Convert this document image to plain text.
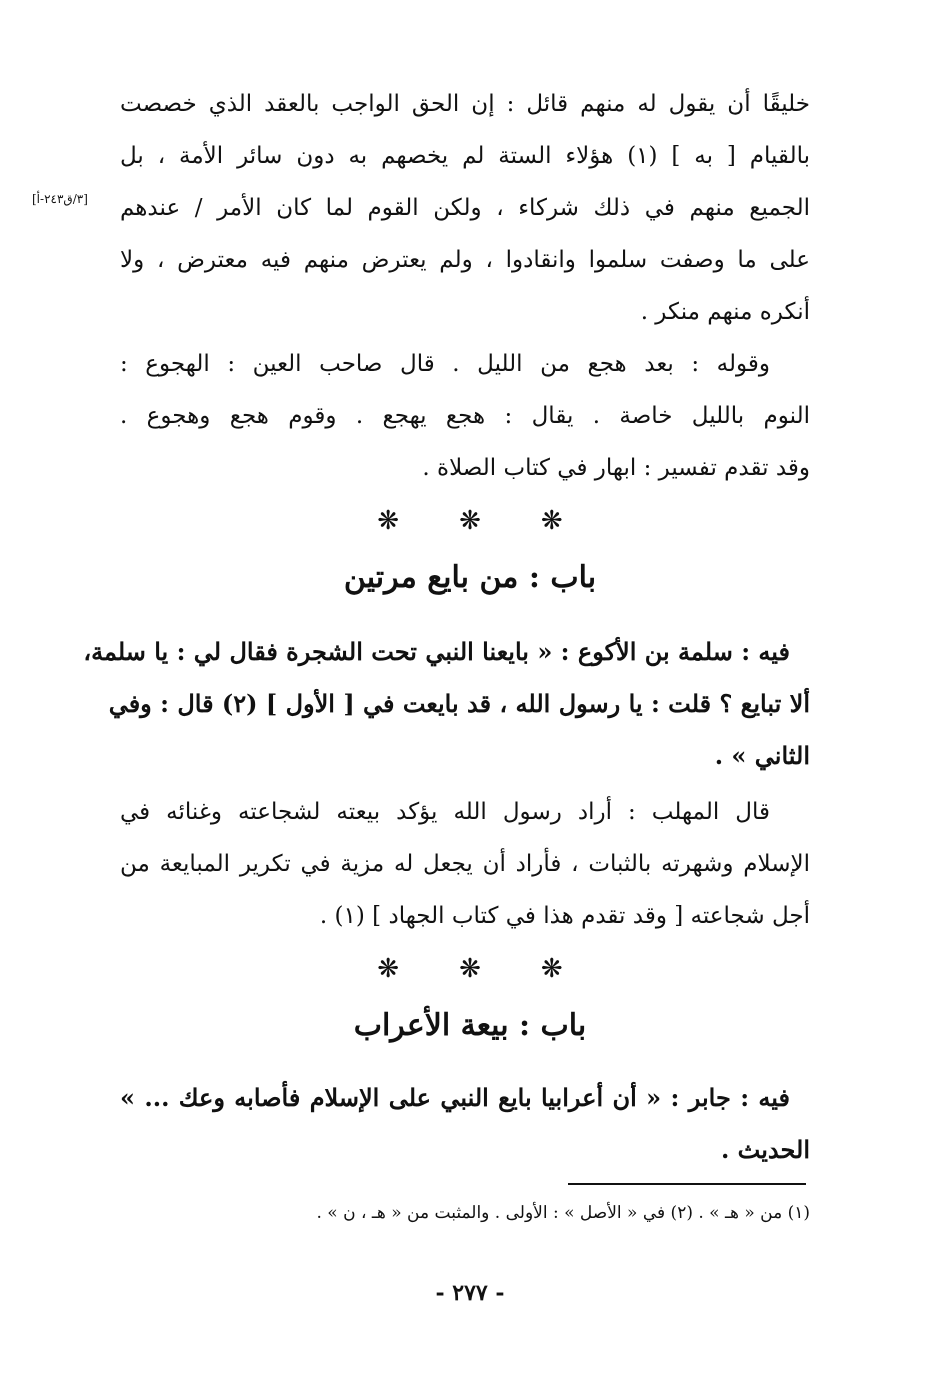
خليقًا أن يقول له منهم قائل : إن الحق الواجب بالعقد الذي خصصت
بالقيام [ به ] (١) هؤلاء الستة لم يخصهم به دون سائر الأمة ، بل
الجميع منهم في ذلك شركاء ، ولكن القوم لما كان الأمر / عندهم
على ما وصفت سلموا وانقادوا ، ولم يعترض منهم فيه معترض ، ولا
أنكره منهم منكر .
[٣/ق٢٤٣-أ]
وقوله : بعد هجع من الليل . قال صاحب العين : الهجوع :
النوم بالليل خاصة . يقال : هجع يهجع . وقوم هجع وهجوع .
وقد تقدم تفسير : ابهار في كتاب الصلاة .
❋ ❋ ❋
باب : من بايع مرتين
فيه : سلمة بن الأكوع : « بايعنا النبي تحت الشجرة فقال لي : يا سلمة،
ألا تبايع ؟ قلت : يا رسول الله ، قد بايعت في [ الأول ] (٢) قال : وفي
الثاني » .
قال المهلب : أراد رسول الله يؤكد بيعته لشجاعته وغنائه في
الإسلام وشهرته بالثبات ، فأراد أن يجعل له مزية في تكرير المبايعة من
أجل شجاعته [ وقد تقدم هذا في كتاب الجهاد ] (١) .
❋ ❋ ❋
باب : بيعة الأعراب
فيه : جابر : « أن أعرابيا بايع النبي على الإسلام فأصابه وعك ... »
الحديث .
(١) من « هـ » . (٢) في « الأصل » : الأولى . والمثبت من « هـ ، ن » .
- ٢٧٧ -
